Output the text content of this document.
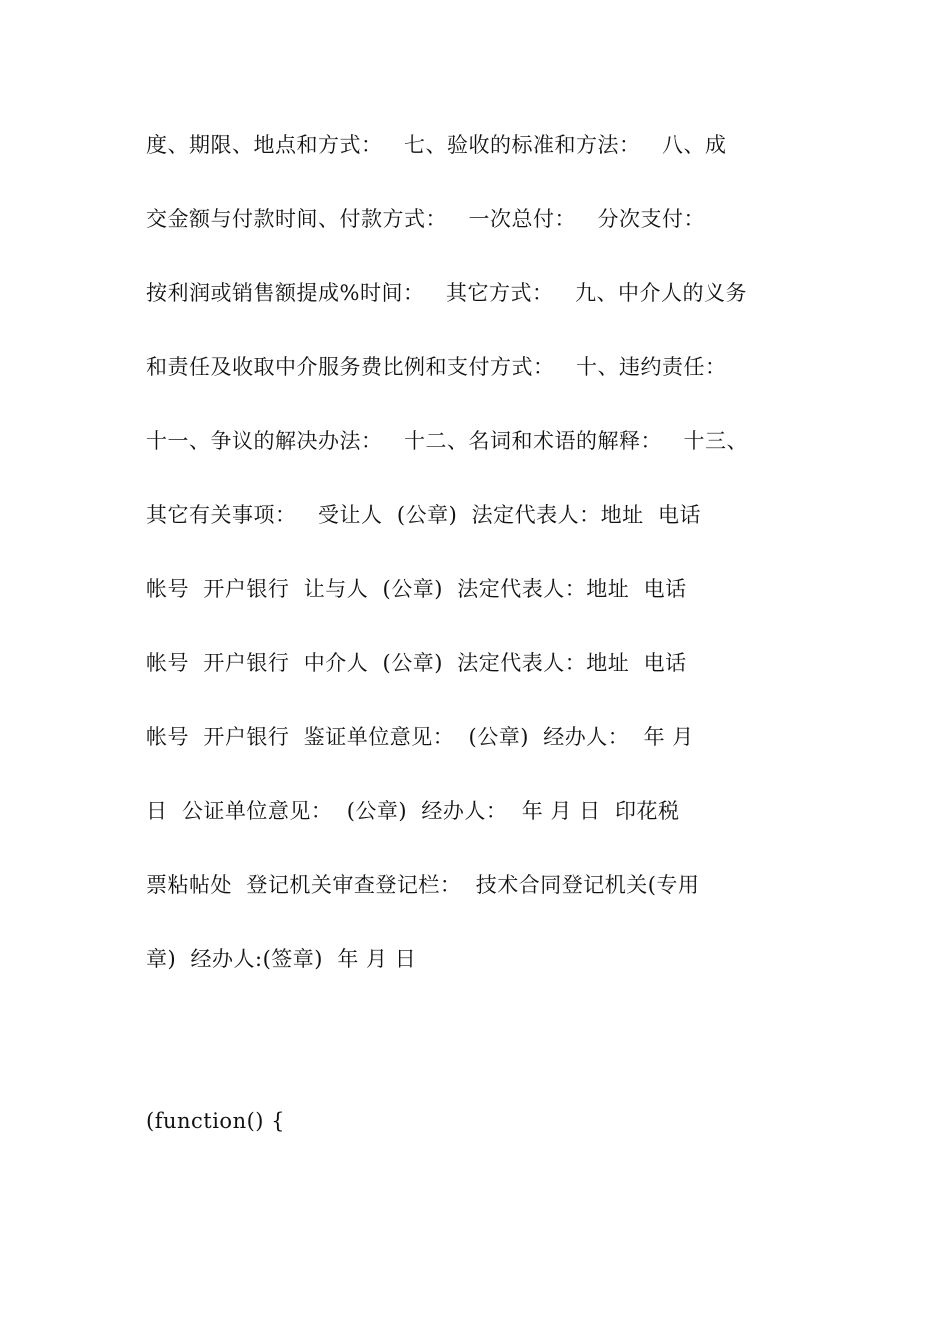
度、期限、地点和方式：   七、验收的标准和方法：   八、成
交金额与付款时间、付款方式：   一次总付：   分次支付：
按利润或销售额提成%时间：   其它方式：   九、中介人的义务
和责任及收取中介服务费比例和支付方式：   十、违约责任：
十一、争议的解决办法：   十二、名词和术语的解释：   十三、
其它有关事项：   受让人  (公章)  法定代表人：地址  电话
帐号  开户银行  让与人  (公章)  法定代表人：地址  电话
帐号  开户银行  中介人  (公章)  法定代表人：地址  电话
帐号  开户银行  鉴证单位意见：  (公章)  经办人：  年 月
日  公证单位意见：  (公章)  经办人：  年 月 日  印花税
票粘帖处  登记机关审查登记栏：  技术合同登记机关(专用
章)  经办人:(签章)  年 月 日
(function() {
